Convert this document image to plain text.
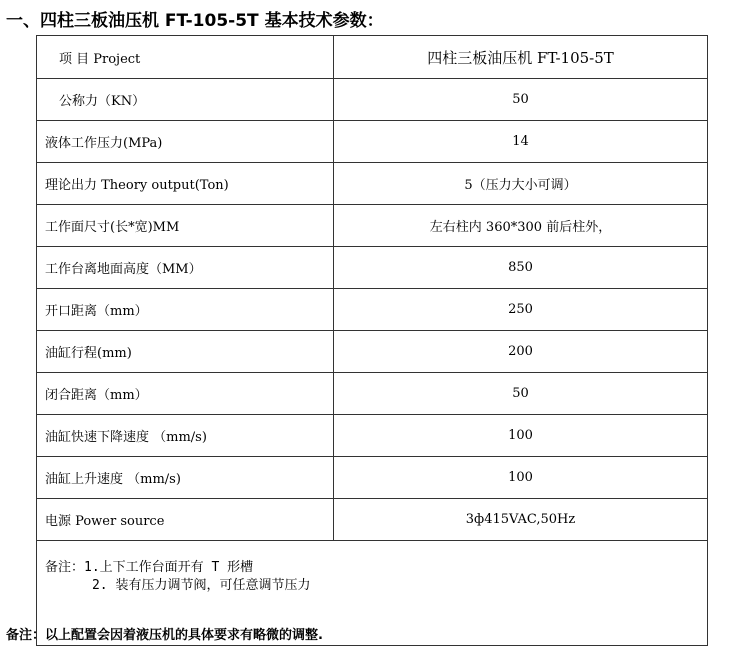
一、四柱三板油压机 FT-105-5T 基本技术参数：
项 目 Project	四柱三板油压机 FT-105-5T
公称力（KN）	50
液体工作压力(MPa)	14
理论出力 Theory output(Ton)	5（压力大小可调）
工作面尺寸(长*宽)MM	左右柱内 360*300 前后柱外，
工作台离地面高度（MM）	850
开口距离（mm）	250
油缸行程(mm)	200
闭合距离（mm）	50
油缸快速下降速度 （mm/s)	100
油缸上升速度 （mm/s)	100
电源 Power source	3ф415VAC,50Hz

备注：1.上下工作台面开有 T 形槽
2. 装有压力调节阀，可任意调节压力	
备注：以上配置会因着液压机的具体要求有略微的调整.
